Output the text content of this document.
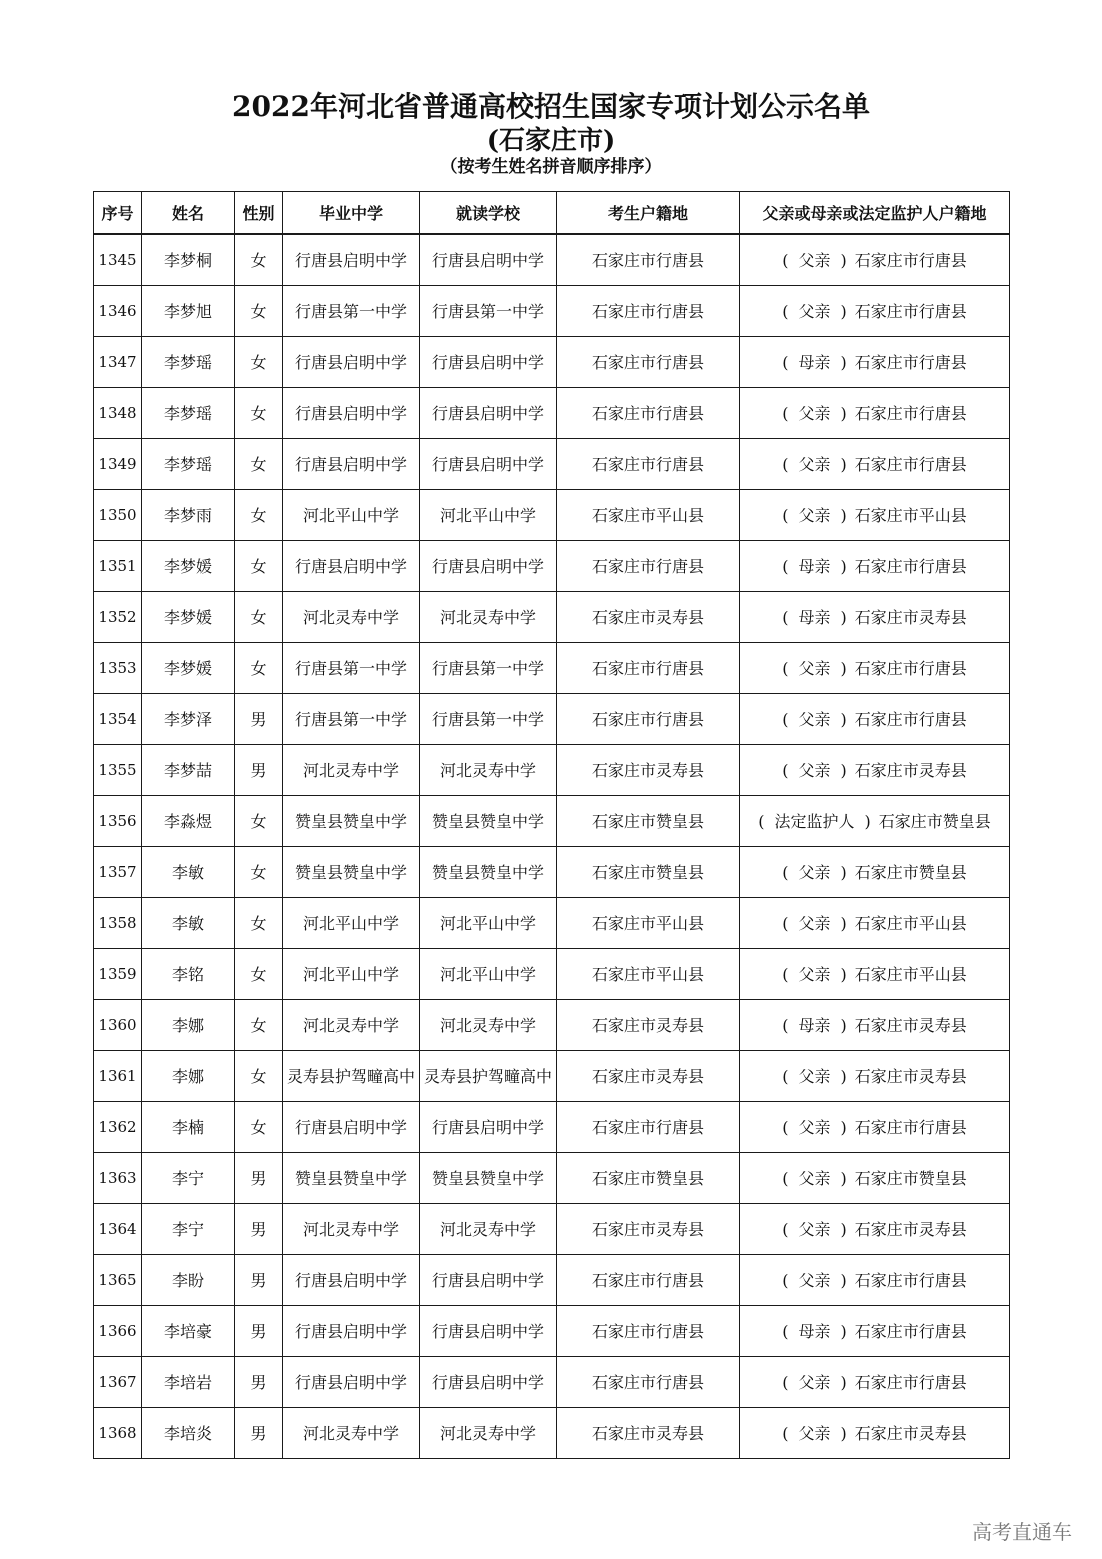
2022年河北省普通高校招生国家专项计划公示名单
(石家庄市)
（按考生姓名拼音顺序排序）
序号	姓名	性别	毕业中学	就读学校	考生户籍地	父亲或母亲或法定监护人户籍地
1345	李梦桐	女	行唐县启明中学	行唐县启明中学	石家庄市行唐县	( 父亲 ) 石家庄市行唐县
1346	李梦旭	女	行唐县第一中学	行唐县第一中学	石家庄市行唐县	( 父亲 ) 石家庄市行唐县
1347	李梦瑶	女	行唐县启明中学	行唐县启明中学	石家庄市行唐县	( 母亲 ) 石家庄市行唐县
1348	李梦瑶	女	行唐县启明中学	行唐县启明中学	石家庄市行唐县	( 父亲 ) 石家庄市行唐县
1349	李梦瑶	女	行唐县启明中学	行唐县启明中学	石家庄市行唐县	( 父亲 ) 石家庄市行唐县
1350	李梦雨	女	河北平山中学	河北平山中学	石家庄市平山县	( 父亲 ) 石家庄市平山县
1351	李梦媛	女	行唐县启明中学	行唐县启明中学	石家庄市行唐县	( 母亲 ) 石家庄市行唐县
1352	李梦媛	女	河北灵寿中学	河北灵寿中学	石家庄市灵寿县	( 母亲 ) 石家庄市灵寿县
1353	李梦媛	女	行唐县第一中学	行唐县第一中学	石家庄市行唐县	( 父亲 ) 石家庄市行唐县
1354	李梦泽	男	行唐县第一中学	行唐县第一中学	石家庄市行唐县	( 父亲 ) 石家庄市行唐县
1355	李梦喆	男	河北灵寿中学	河北灵寿中学	石家庄市灵寿县	( 父亲 ) 石家庄市灵寿县
1356	李淼煜	女	赞皇县赞皇中学	赞皇县赞皇中学	石家庄市赞皇县	( 法定监护人 ) 石家庄市赞皇县
1357	李敏	女	赞皇县赞皇中学	赞皇县赞皇中学	石家庄市赞皇县	( 父亲 ) 石家庄市赞皇县
1358	李敏	女	河北平山中学	河北平山中学	石家庄市平山县	( 父亲 ) 石家庄市平山县
1359	李铭	女	河北平山中学	河北平山中学	石家庄市平山县	( 父亲 ) 石家庄市平山县
1360	李娜	女	河北灵寿中学	河北灵寿中学	石家庄市灵寿县	( 母亲 ) 石家庄市灵寿县
1361	李娜	女	灵寿县护驾疃高中	灵寿县护驾疃高中	石家庄市灵寿县	( 父亲 ) 石家庄市灵寿县
1362	李楠	女	行唐县启明中学	行唐县启明中学	石家庄市行唐县	( 父亲 ) 石家庄市行唐县
1363	李宁	男	赞皇县赞皇中学	赞皇县赞皇中学	石家庄市赞皇县	( 父亲 ) 石家庄市赞皇县
1364	李宁	男	河北灵寿中学	河北灵寿中学	石家庄市灵寿县	( 父亲 ) 石家庄市灵寿县
1365	李盼	男	行唐县启明中学	行唐县启明中学	石家庄市行唐县	( 父亲 ) 石家庄市行唐县
1366	李培豪	男	行唐县启明中学	行唐县启明中学	石家庄市行唐县	( 母亲 ) 石家庄市行唐县
1367	李培岩	男	行唐县启明中学	行唐县启明中学	石家庄市行唐县	( 父亲 ) 石家庄市行唐县
1368	李培炎	男	河北灵寿中学	河北灵寿中学	石家庄市灵寿县	( 父亲 ) 石家庄市灵寿县
高考直通车
